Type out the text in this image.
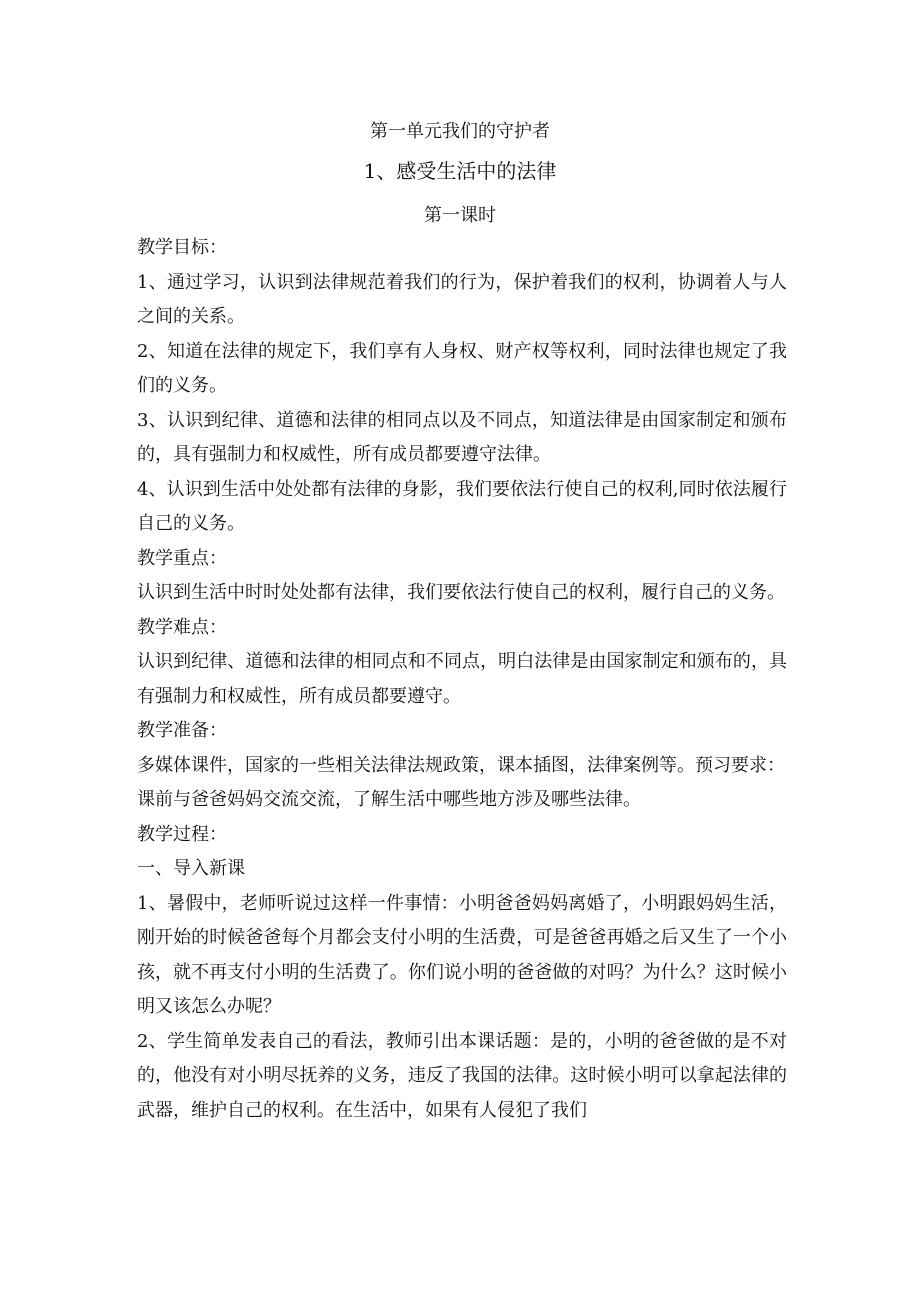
第一单元我们的守护者
1、感受生活中的法律
第一课时

教学目标：

1、通过学习，认识到法律规范着我们的行为，保护着我们的权利，协调着人与人之间的关系。

2、知道在法律的规定下，我们享有人身权、财产权等权利，同时法律也规定了我们的义务。

3、认识到纪律、道德和法律的相同点以及不同点，知道法律是由国家制定和颁布的，具有强制力和权威性，所有成员都要遵守法律。

4、认识到生活中处处都有法律的身影，我们要依法行使自己的权利,同时依法履行自己的义务。

教学重点：

认识到生活中时时处处都有法律，我们要依法行使自己的权利，履行自己的义务。

教学难点：

认识到纪律、道德和法律的相同点和不同点，明白法律是由国家制定和颁布的，具有强制力和权威性，所有成员都要遵守。

教学准备：

多媒体课件，国家的一些相关法律法规政策，课本插图，法律案例等。预习要求：

课前与爸爸妈妈交流交流，了解生活中哪些地方涉及哪些法律。

教学过程：

一、导入新课

1、暑假中，老师听说过这样一件事情：小明爸爸妈妈离婚了，小明跟妈妈生活，刚开始的时候爸爸每个月都会支付小明的生活费，可是爸爸再婚之后又生了一个小孩，就不再支付小明的生活费了。你们说小明的爸爸做的对吗？为什么？这时候小明又该怎么办呢？

2、学生简单发表自己的看法，教师引出本课话题：是的，小明的爸爸做的是不对的，他没有对小明尽抚养的义务，违反了我国的法律。这时候小明可以拿起法律的武器，维护自己的权利。在生活中，如果有人侵犯了我们
